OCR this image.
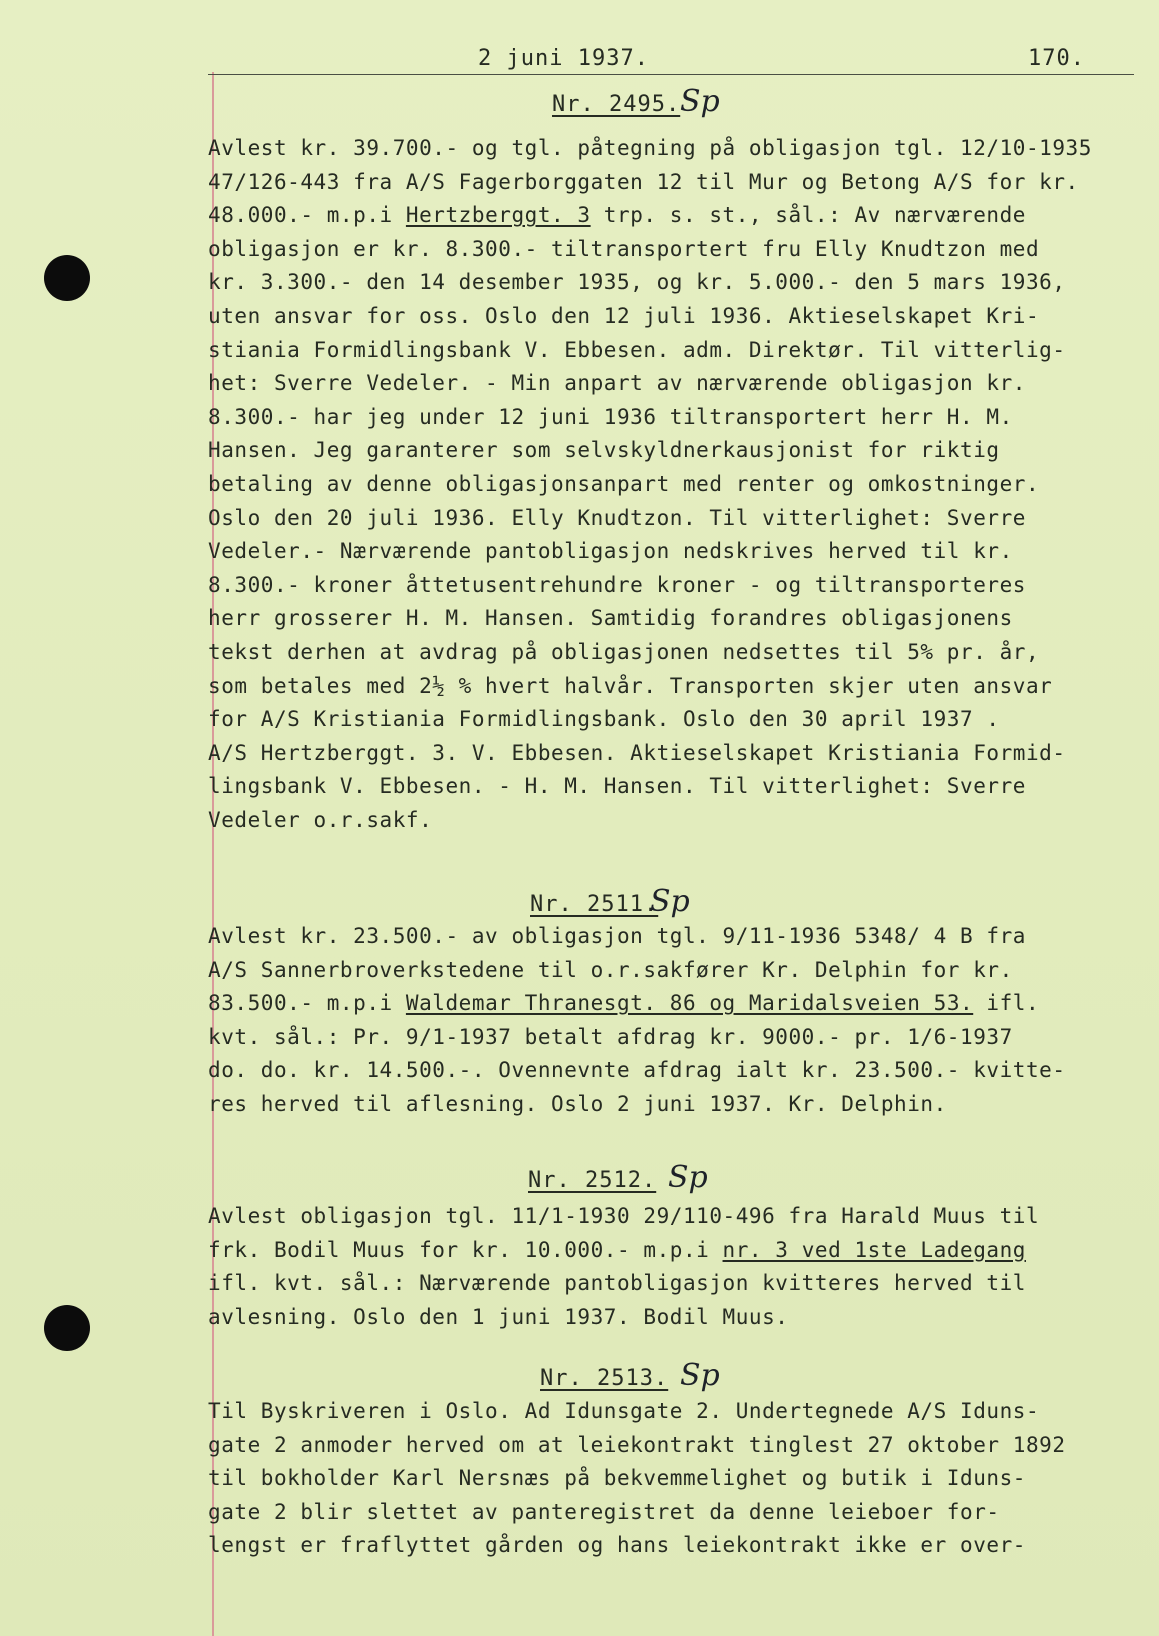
2 juni 1937.	170.
Nr. 2495. Sp
Avlest kr. 39.700.- og tgl. påtegning på obligasjon tgl. 12/10-1935
47/126-443 fra A/S Fagerborggaten 12 til Mur og Betong A/S for kr.
48.000.- m.p.i Hertzberggt. 3 trp. s. st., sål.: Av nærværende
obligasjon er kr. 8.300.- tiltransportert fru Elly Knudtzon med
kr. 3.300.- den 14 desember 1935, og kr. 5.000.- den 5 mars 1936,
uten ansvar for oss. Oslo den 12 juli 1936. Aktieselskapet Kri-
stiania Formidlingsbank V. Ebbesen. adm. Direktør. Til vitterlig-
het: Sverre Vedeler. - Min anpart av nærværende obligasjon kr.
8.300.- har jeg under 12 juni 1936 tiltransportert herr H. M.
Hansen. Jeg garanterer som selvskyldnerkausjonist for riktig
betaling av denne obligasjonsanpart med renter og omkostninger.
Oslo den 20 juli 1936. Elly Knudtzon. Til vitterlighet: Sverre
Vedeler.- Nærværende pantobligasjon nedskrives herved til kr.
8.300.- kroner åttetusentrehundre kroner - og tiltransporteres
herr grosserer H. M. Hansen. Samtidig forandres obligasjonens
tekst derhen at avdrag på obligasjonen nedsettes til 5% pr. år,
som betales med 2½ % hvert halvår. Transporten skjer uten ansvar
for A/S Kristiania Formidlingsbank. Oslo den 30 april 1937 .
A/S Hertzberggt. 3. V. Ebbesen. Aktieselskapet Kristiania Formid-
lingsbank V. Ebbesen. - H. M. Hansen. Til vitterlighet: Sverre
Vedeler o.r.sakf.
Nr. 2511.
Sp
Avlest kr. 23.500.- av obligasjon tgl. 9/11-1936 5348/ 4 B fra
A/S Sannerbroverkstedene til o.r.sakfører Kr. Delphin for kr.
83.500.- m.p.i Waldemar Thranesgt. 86 og Maridalsveien 53. ifl.
kvt. sål.: Pr. 9/1-1937 betalt afdrag kr. 9000.- pr. 1/6-1937
do. do. kr. 14.500.-. Ovennevnte afdrag ialt kr. 23.500.- kvitte-
res herved til aflesning. Oslo 2 juni 1937. Kr. Delphin.
Nr. 2512. Sp
Avlest obligasjon tgl. 11/1-1930 29/110-496 fra Harald Muus til
frk. Bodil Muus for kr. 10.000.- m.p.i nr. 3 ved 1ste Ladegang
ifl. kvt. sål.: Nærværende pantobligasjon kvitteres herved til
avlesning. Oslo den 1 juni 1937. Bodil Muus.
Nr. 2513. Sp
Til Byskriveren i Oslo. Ad Idunsgate 2. Undertegnede A/S Iduns-
gate 2 anmoder herved om at leiekontrakt tinglest 27 oktober 1892
til bokholder Karl Nersnæs på bekvemmelighet og butik i Iduns-
gate 2 blir slettet av panteregistret da denne leieboer for-
lengst er fraflyttet gården og hans leiekontrakt ikke er over-
